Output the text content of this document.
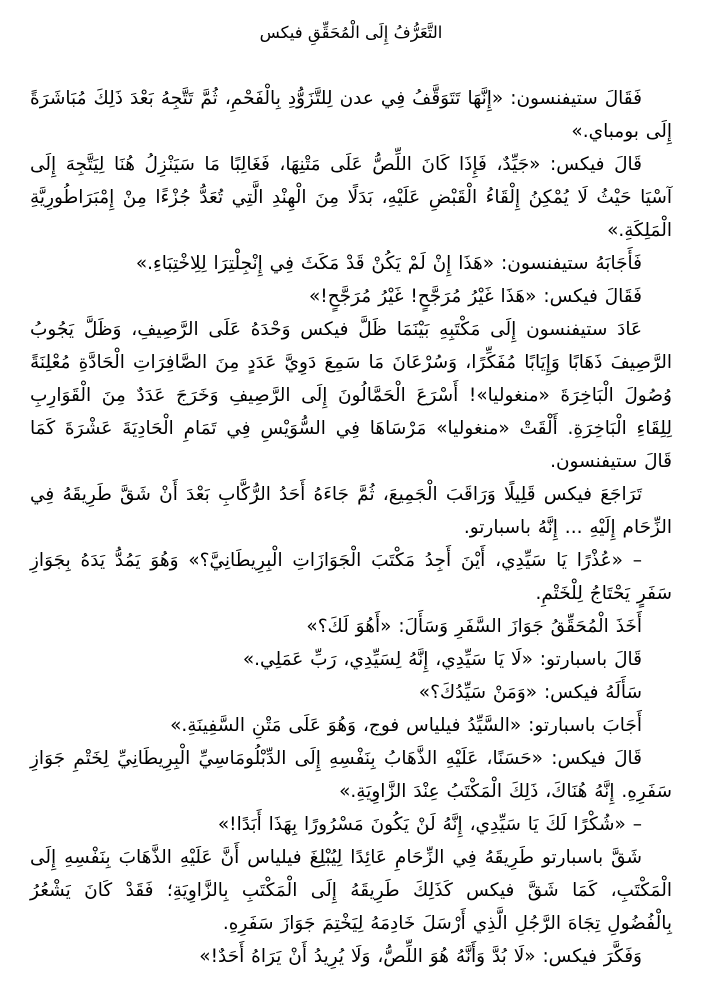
التَّعَرُّفُ إِلَى الْمُحَقِّقِ فيكس

فَقَالَ ستيفنسون: «إِنَّهَا تَتَوَقَّفُ فِي عدن لِلتَّزَوُّدِ بِالْفَحْمِ، ثُمَّ تَتَّجِهُ بَعْدَ ذَلِكَ مُبَاشَرَةً إِلَى بومباي.»

قَالَ فيكس: «جَيِّدٌ، فَإِذَا كَانَ اللِّصُّ عَلَى مَتْنِهَا، فَغَالِبًا مَا سَيَنْزِلُ هُنَا لِيَتَّجِهَ إِلَى آسْيَا حَيْثُ لَا يُمْكِنُ إِلْقَاءُ الْقَبْضِ عَلَيْهِ، بَدَلًا مِنَ الْهِنْدِ الَّتِي تُعَدُّ جُزْءًا مِنْ إِمْبَرَاطُورِيَّةِ الْمَلِكَةِ.»

فَأَجَابَهُ ستيفنسون: «هَذَا إِنْ لَمْ يَكُنْ قَدْ مَكَثَ فِي إِنْجِلْتِرَا لِلِاخْتِبَاءِ.»

فَقَالَ فيكس: «هَذَا غَيْرُ مُرَجَّحٍ! غَيْرُ مُرَجَّحٍ!»

عَادَ ستيفنسون إِلَى مَكْتَبِهِ بَيْنَمَا ظَلَّ فيكس وَحْدَهُ عَلَى الرَّصِيفِ، وَظَلَّ يَجُوبُ الرَّصِيفَ ذَهَابًا وَإِيَابًا مُفَكِّرًا، وَسُرْعَانَ مَا سَمِعَ دَوِيَّ عَدَدٍ مِنَ الصَّافِرَاتِ الْحَادَّةِ مُعْلِنَةً وُصُولَ الْبَاخِرَةَ «منغوليا»! أَسْرَعَ الْحَمَّالُونَ إِلَى الرَّصِيفِ وَخَرَجَ عَدَدٌ مِنَ الْقَوَارِبِ لِلِقَاءِ الْبَاخِرَةِ. أَلْقَتْ «منغوليا» مَرْسَاهَا فِي السُّوَيْسِ فِي تَمَامِ الْحَادِيَةَ عَشْرَةَ كَمَا قَالَ ستيفنسون.

تَرَاجَعَ فيكس قَلِيلًا وَرَاقَبَ الْجَمِيعَ، ثُمَّ جَاءَهُ أَحَدُ الرُّكَّابِ بَعْدَ أَنْ شَقَّ طَرِيقَهُ فِي الزِّحَام إِلَيْهِ ... إِنَّهُ باسبارتو.

– «عُذْرًا يَا سَيِّدِي، أَيْنَ أَجِدُ مَكْتَبَ الْجَوَازَاتِ الْبِرِيطَانِيَّ؟» وَهُوَ يَمُدُّ يَدَهُ بِجَوَازِ سَفَرٍ يَحْتَاجُ لِلْخَتْمِ.

أَخَذَ الْمُحَقِّقُ جَوَازَ السَّفَرِ وَسَأَلَ: «أَهُوَ لَكَ؟»

قَالَ باسبارتو: «لَا يَا سَيِّدِي، إِنَّهُ لِسَيِّدِي، رَبِّ عَمَلِي.»

سَأَلَهُ فيكس: «وَمَنْ سَيِّدُكَ؟»

أَجَابَ باسبارتو: «السَّيِّدُ فيلياس فوج، وَهُوَ عَلَى مَتْنِ السَّفِينَةِ.»

قَالَ فيكس: «حَسَنًا، عَلَيْهِ الذَّهَابُ بِنَفْسِهِ إِلَى الدِّبْلُومَاسِيِّ الْبِرِيطَانِيِّ لِخَتْمِ جَوَازِ سَفَرِهِ. إِنَّهُ هُنَاكَ، ذَلِكَ الْمَكْتَبُ عِنْدَ الزَّاوِيَةِ.»

– «شُكْرًا لَكَ يَا سَيِّدِي، إِنَّهُ لَنْ يَكُونَ مَسْرُورًا بِهَذَا أَبَدًا!»

شَقَّ باسبارتو طَرِيقَهُ فِي الزِّحَامِ عَائِدًا لِيُبْلِغَ فيلياس أَنَّ عَلَيْهِ الذَّهَابَ بِنَفْسِهِ إِلَى الْمَكْتَبِ، كَمَا شَقَّ فيكس كَذَلِكَ طَرِيقَهُ إِلَى الْمَكْتَبِ بِالزَّاوِيَةِ؛ فَقَدْ كَانَ يَشْعُرُ بِالْفُضُولِ تِجَاهَ الرَّجُلِ الَّذِي أَرْسَلَ خَادِمَهُ لِيَخْتِمَ جَوَازَ سَفَرِهِ.

وَفَكَّرَ فيكس: «لَا بُدَّ وَأَنَّهُ هُوَ اللِّصُّ، وَلَا يُرِيدُ أَنْ يَرَاهُ أَحَدٌ!»
